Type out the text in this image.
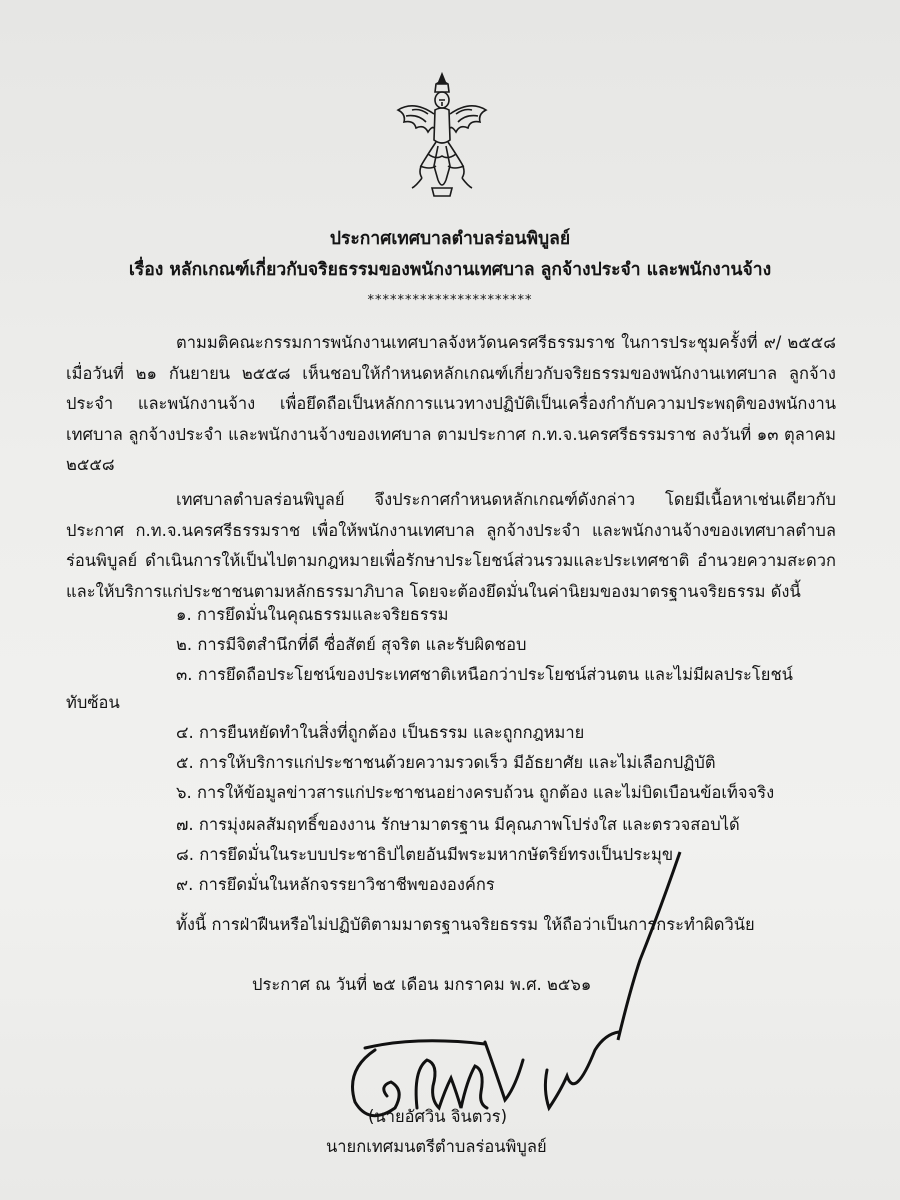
ประกาศเทศบาลตำบลร่อนพิบูลย์
เรื่อง หลักเกณฑ์เกี่ยวกับจริยธรรมของพนักงานเทศบาล ลูกจ้างประจำ และพนักงานจ้าง
**********************
ตามมติคณะกรรมการพนักงานเทศบาลจังหวัดนครศรีธรรมราช ในการประชุมครั้งที่ ๙/ ๒๕๕๘ เมื่อวันที่ ๒๑ กันยายน ๒๕๕๘ เห็นชอบให้กำหนดหลักเกณฑ์เกี่ยวกับจริยธรรมของพนักงานเทศบาล ลูกจ้างประจำ และพนักงานจ้าง เพื่อยึดถือเป็นหลักการแนวทางปฏิบัติเป็นเครื่องกำกับความประพฤติของพนักงานเทศบาล ลูกจ้างประจำ และพนักงานจ้างของเทศบาล ตามประกาศ ก.ท.จ.นครศรีธรรมราช ลงวันที่ ๑๓ ตุลาคม ๒๕๕๘
เทศบาลตำบลร่อนพิบูลย์ จึงประกาศกำหนดหลักเกณฑ์ดังกล่าว โดยมีเนื้อหาเช่นเดียวกับประกาศ ก.ท.จ.นครศรีธรรมราช เพื่อให้พนักงานเทศบาล ลูกจ้างประจำ และพนักงานจ้างของเทศบาลตำบลร่อนพิบูลย์ ดำเนินการให้เป็นไปตามกฎหมายเพื่อรักษาประโยชน์ส่วนรวมและประเทศชาติ อำนวยความสะดวกและให้บริการแก่ประชาชนตามหลักธรรมาภิบาล โดยจะต้องยึดมั่นในค่านิยมของมาตรฐานจริยธรรม ดังนี้
๑. การยึดมั่นในคุณธรรมและจริยธรรม
๒. การมีจิตสำนึกที่ดี ซื่อสัตย์ สุจริต และรับผิดชอบ
๓. การยึดถือประโยชน์ของประเทศชาติเหนือกว่าประโยชน์ส่วนตน และไม่มีผลประโยชน์
ทับซ้อน
๔. การยืนหยัดทำในสิ่งที่ถูกต้อง เป็นธรรม และถูกกฎหมาย
๕. การให้บริการแก่ประชาชนด้วยความรวดเร็ว มีอัธยาศัย และไม่เลือกปฏิบัติ
๖. การให้ข้อมูลข่าวสารแก่ประชาชนอย่างครบถ้วน ถูกต้อง และไม่บิดเบือนข้อเท็จจริง
๗. การมุ่งผลสัมฤทธิ์ของงาน รักษามาตรฐาน มีคุณภาพโปร่งใส และตรวจสอบได้
๘. การยึดมั่นในระบบประชาธิปไตยอันมีพระมหากษัตริย์ทรงเป็นประมุข
๙. การยึดมั่นในหลักจรรยาวิชาชีพขององค์กร
ทั้งนี้ การฝ่าฝืนหรือไม่ปฏิบัติตามมาตรฐานจริยธรรม ให้ถือว่าเป็นการกระทำผิดวินัย
ประกาศ ณ วันที่ ๒๕ เดือน มกราคม พ.ศ. ๒๕๖๑
(นายอัศวิน จินตวร)
นายกเทศมนตรีตำบลร่อนพิบูลย์
